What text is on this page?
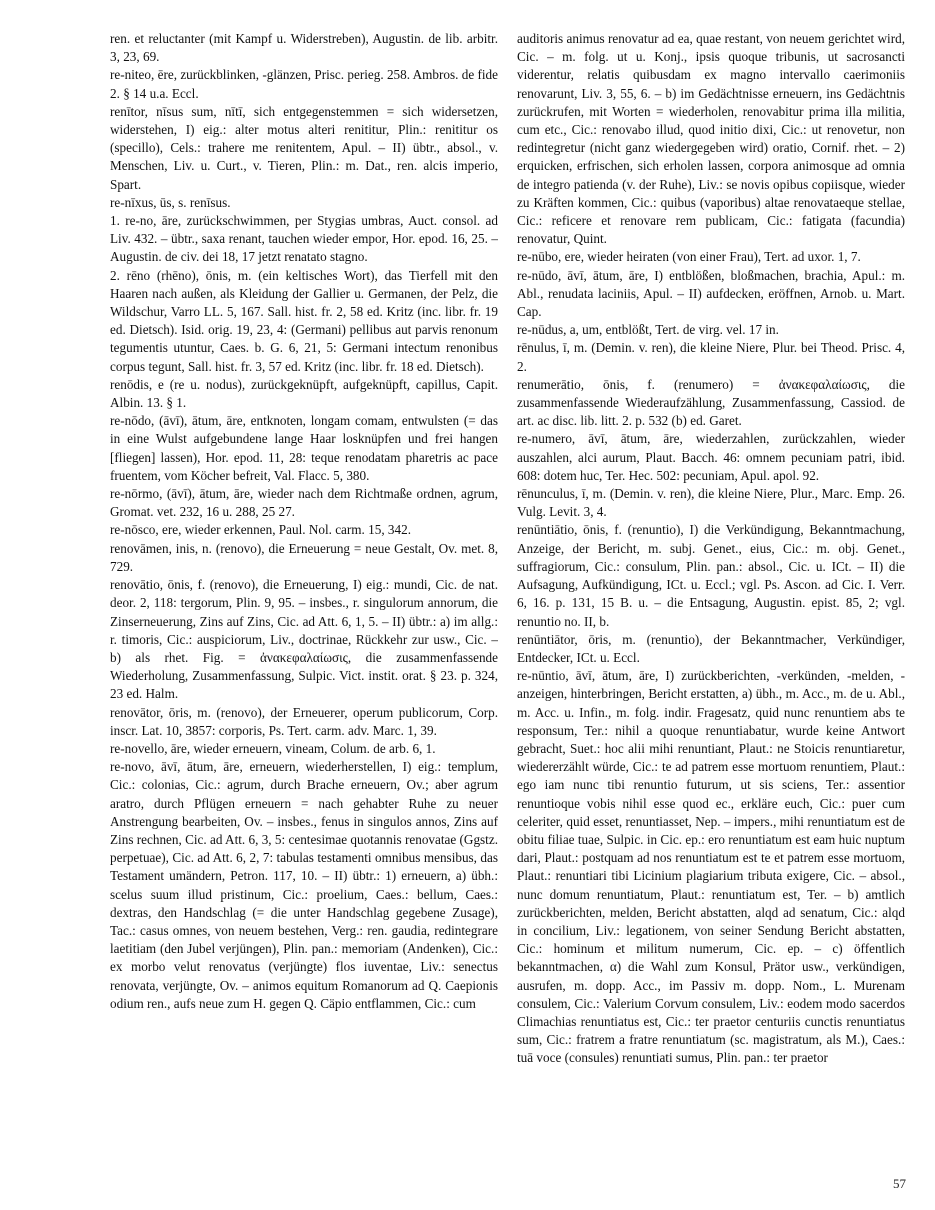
ren. et reluctanter (mit Kampf u. Widerstreben), Augustin. de lib. arbitr. 3, 23, 69.

re-niteo, ēre, zurückblinken, -glänzen, Prisc. perieg. 258. Ambros. de fide 2. § 14 u.a. Eccl.

renītor, nīsus sum, nītī, sich entgegenstemmen = sich widersetzen, widerstehen, I) eig.: alter motus alteri renititur, Plin.: renititur os (specillo), Cels.: trahere me renitentem, Apul. – II) übtr., absol., v. Menschen, Liv. u. Curt., v. Tieren, Plin.: m. Dat., ren. alcis imperio, Spart.

re-nīxus, ūs, s. renīsus.

1. re-no, āre, zurückschwimmen, per Stygias umbras, Auct. consol. ad Liv. 432. – übtr., saxa renant, tauchen wieder empor, Hor. epod. 16, 25. – Augustin. de civ. dei 18, 17 jetzt renatato stagno.

2. rēno (rhēno), ōnis, m. (ein keltisches Wort), das Tierfell mit den Haaren nach außen, als Kleidung der Gallier u. Germanen, der Pelz, die Wildschur, Varro LL. 5, 167. Sall. hist. fr. 2, 58 ed. Kritz (inc. libr. fr. 19 ed. Dietsch). Isid. orig. 19, 23, 4: (Germani) pellibus aut parvis renonum tegumentis utuntur, Caes. b. G. 6, 21, 5: Germani intectum renonibus corpus tegunt, Sall. hist. fr. 3, 57 ed. Kritz (inc. libr. fr. 18 ed. Dietsch).

renōdis, e (re u. nodus), zurückgeknüpft, aufgeknüpft, capillus, Capit. Albin. 13. § 1.

re-nōdo, (āvī), ātum, āre, entknoten, longam comam, entwulsten (= das in eine Wulst aufgebundene lange Haar losknüpfen und frei hangen [fliegen] lassen), Hor. epod. 11, 28: teque renodatam pharetris ac pace fruentem, vom Köcher befreit, Val. Flacc. 5, 380.

re-nōrmo, (āvī), ātum, āre, wieder nach dem Richtmaße ordnen, agrum, Gromat. vet. 232, 16 u. 288, 25 27.

re-nōsco, ere, wieder erkennen, Paul. Nol. carm. 15, 342.

renovāmen, inis, n. (renovo), die Erneuerung = neue Gestalt, Ov. met. 8, 729.

renovātio, ōnis, f. (renovo), die Erneuerung, I) eig.: mundi, Cic. de nat. deor. 2, 118: tergorum, Plin. 9, 95. – insbes., r. singulorum annorum, die Zinserneuerung, Zins auf Zins, Cic. ad Att. 6, 1, 5. – II) übtr.: a) im allg.: r. timoris, Cic.: auspiciorum, Liv., doctrinae, Rückkehr zur usw., Cic. – b) als rhet. Fig. = ἀνακεφαλαίωσις, die zusammenfassende Wiederholung, Zusammenfassung, Sulpic. Vict. instit. orat. § 23. p. 324, 23 ed. Halm.

renovātor, ōris, m. (renovo), der Erneuerer, operum publicorum, Corp. inscr. Lat. 10, 3857: corporis, Ps. Tert. carm. adv. Marc. 1, 39.

re-novello, āre, wieder erneuern, vineam, Colum. de arb. 6, 1.

re-novo, āvī, ātum, āre, erneuern, wiederherstellen, I) eig.: templum, Cic.: colonias, Cic.: agrum, durch Brache erneuern, Ov.; aber agrum aratro, durch Pflügen erneuern = nach gehabter Ruhe zu neuer Anstrengung bearbeiten, Ov. – insbes., fenus in singulos annos, Zins auf Zins rechnen, Cic. ad Att. 6, 3, 5: centesimae quotannis renovatae (Ggstz. perpetuae), Cic. ad Att. 6, 2, 7: tabulas testamenti omnibus mensibus, das Testament umändern, Petron. 117, 10. – II) übtr.: 1) erneuern, a) übh.: scelus suum illud pristinum, Cic.: proelium, Caes.: bellum, Caes.: dextras, den Handschlag (= die unter Handschlag gegebene Zusage), Tac.: casus omnes, von neuem bestehen, Verg.: ren. gaudia, redintegrare laetitiam (den Jubel verjüngen), Plin. pan.: memoriam (Andenken), Cic.: ex morbo velut renovatus (verjüngte) flos iuventae, Liv.: senectus renovata, verjüngte, Ov. – animos equitum Romanorum ad Q. Caepionis odium ren., aufs neue zum H. gegen Q. Cäpio entflammen, Cic.: cum

auditoris animus renovatur ad ea, quae restant, von neuem gerichtet wird, Cic. – m. folg. ut u. Konj., ipsis quoque tribunis, ut sacrosancti viderentur, relatis quibusdam ex magno intervallo caerimoniis renovarunt, Liv. 3, 55, 6. – b) im Gedächtnisse erneuern, ins Gedächtnis zurückrufen, mit Worten = wiederholen, renovabitur prima illa militia, cum etc., Cic.: renovabo illud, quod initio dixi, Cic.: ut renovetur, non redintegretur (nicht ganz wiedergegeben wird) oratio, Cornif. rhet. – 2) erquicken, erfrischen, sich erholen lassen, corpora animosque ad omnia de integro patienda (v. der Ruhe), Liv.: se novis opibus copiisque, wieder zu Kräften kommen, Cic.: quibus (vaporibus) altae renovataeque stellae, Cic.: reficere et renovare rem publicam, Cic.: fatigata (facundia) renovatur, Quint.

re-nūbo, ere, wieder heiraten (von einer Frau), Tert. ad uxor. 1, 7.

re-nūdo, āvī, ātum, āre, I) entblößen, bloßmachen, brachia, Apul.: m. Abl., renudata laciniis, Apul. – II) aufdecken, eröffnen, Arnob. u. Mart. Cap.

re-nūdus, a, um, entblößt, Tert. de virg. vel. 17 in.

rēnulus, ī, m. (Demin. v. ren), die kleine Niere, Plur. bei Theod. Prisc. 4, 2.

renumerātio, ōnis, f. (renumero) = ἀνακεφαλαίωσις, die zusammenfassende Wiederaufzählung, Zusammenfassung, Cassiod. de art. ac disc. lib. litt. 2. p. 532 (b) ed. Garet.

re-numero, āvī, ātum, āre, wiederzahlen, zurückzahlen, wieder auszahlen, alci aurum, Plaut. Bacch. 46: omnem pecuniam patri, ibid. 608: dotem huc, Ter. Hec. 502: pecuniam, Apul. apol. 92.

rēnunculus, ī, m. (Demin. v. ren), die kleine Niere, Plur., Marc. Emp. 26. Vulg. Levit. 3, 4.

renūntiātio, ōnis, f. (renuntio), I) die Verkündigung, Bekanntmachung, Anzeige, der Bericht, m. subj. Genet., eius, Cic.: m. obj. Genet., suffragiorum, Cic.: consulum, Plin. pan.: absol., Cic. u. ICt. – II) die Aufsagung, Aufkündigung, ICt. u. Eccl.; vgl. Ps. Ascon. ad Cic. I. Verr. 6, 16. p. 131, 15 B. u. – die Entsagung, Augustin. epist. 85, 2; vgl. renuntio no. II, b.

renūntiātor, ōris, m. (renuntio), der Bekanntmacher, Verkündiger, Entdecker, ICt. u. Eccl.

re-nūntio, āvī, ātum, āre, I) zurückberichten, -verkünden, -melden, -anzeigen, hinterbringen, Bericht erstatten, a) übh., m. Acc., m. de u. Abl., m. Acc. u. Infin., m. folg. indir. Fragesatz, quid nunc renuntiem abs te responsum, Ter.: nihil a quoque renuntiabatur, wurde keine Antwort gebracht, Suet.: hoc alii mihi renuntiant, Plaut.: ne Stoicis renuntiaretur, wiedererzählt würde, Cic.: te ad patrem esse mortuom renuntiem, Plaut.: ego iam nunc tibi renuntio futurum, ut sis sciens, Ter.: assentior renuntioque vobis nihil esse quod ec., erkläre euch, Cic.: puer cum celeriter, quid esset, renuntiasset, Nep. – impers., mihi renuntiatum est de obitu filiae tuae, Sulpic. in Cic. ep.: ero renuntiatum est eam huic nuptum dari, Plaut.: postquam ad nos renuntiatum est te et patrem esse mortuom, Plaut.: renuntiari tibi Licinium plagiarium tributa exigere, Cic. – absol., nunc domum renuntiatum, Plaut.: renuntiatum est, Ter. – b) amtlich zurückberichten, melden, Bericht abstatten, alqd ad senatum, Cic.: alqd in concilium, Liv.: legationem, von seiner Sendung Bericht abstatten, Cic.: hominum et militum numerum, Cic. ep. – c) öffentlich bekanntmachen, α) die Wahl zum Konsul, Prätor usw., verkündigen, ausrufen, m. dopp. Acc., im Passiv m. dopp. Nom., L. Murenam consulem, Cic.: Valerium Corvum consulem, Liv.: eodem modo sacerdos Climachias renuntiatus est, Cic.: ter praetor centuriis cunctis renuntiatus sum, Cic.: fratrem a fratre renuntiatum (sc. magistratum, als M.), Caes.: tuā voce (consules) renuntiati sumus, Plin. pan.: ter praetor

57
